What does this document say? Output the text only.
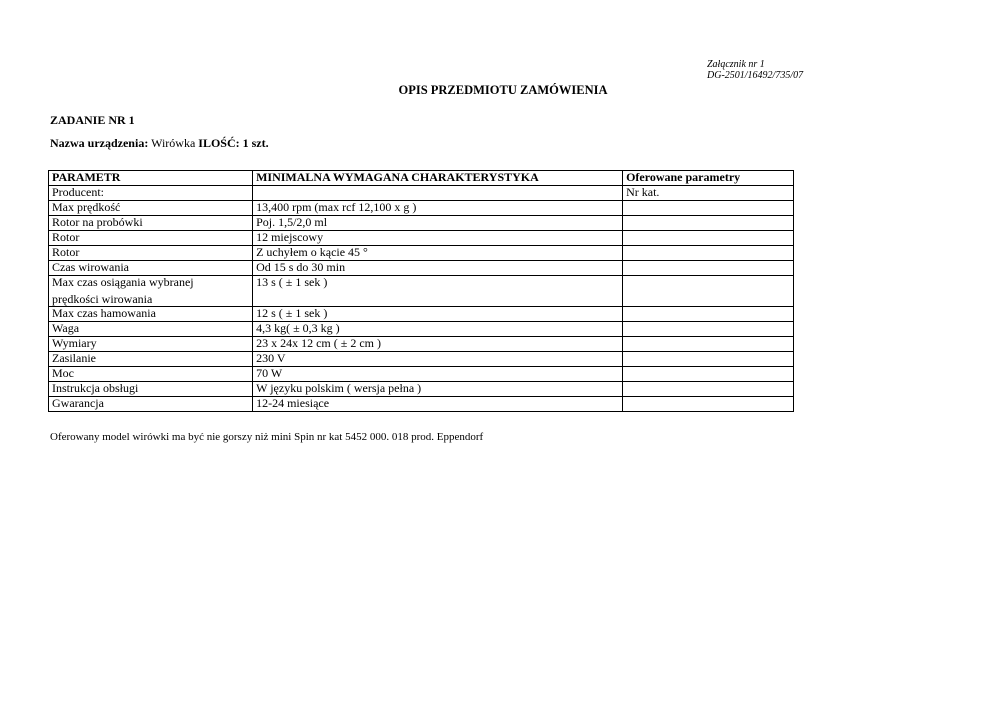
Załącznik nr 1
DG-2501/16492/735/07
OPIS PRZEDMIOTU ZAMÓWIENIA
ZADANIE NR 1
Nazwa urządzenia: Wirówka ILOŚĆ: 1 szt.
PARAMETR	MINIMALNA WYMAGANA CHARAKTERYSTYKA	Oferowane parametry
Producent:		Nr kat.
Max prędkość	13,400 rpm (max rcf 12,100 x g )	
Rotor na probówki	Poj. 1,5/2,0 ml	
Rotor	12 miejscowy	
Rotor	Z uchyłem o kącie 45 °	
Czas wirowania	Od 15 s do 30 min	

Max czas osiągania wybranej
prędkości wirowania	13 s ( ± 1 sek )	
Max czas hamowania	12 s ( ± 1 sek )	
Waga	4,3 kg( ± 0,3 kg )	
Wymiary	23 x 24x 12 cm ( ± 2 cm )	
Zasilanie	230 V	
Moc	70 W	
Instrukcja obsługi	W języku polskim ( wersja pełna )	
Gwarancja	12-24 miesiące	
Oferowany model wirówki ma być nie gorszy niż mini Spin nr kat 5452 000. 018 prod. Eppendorf
